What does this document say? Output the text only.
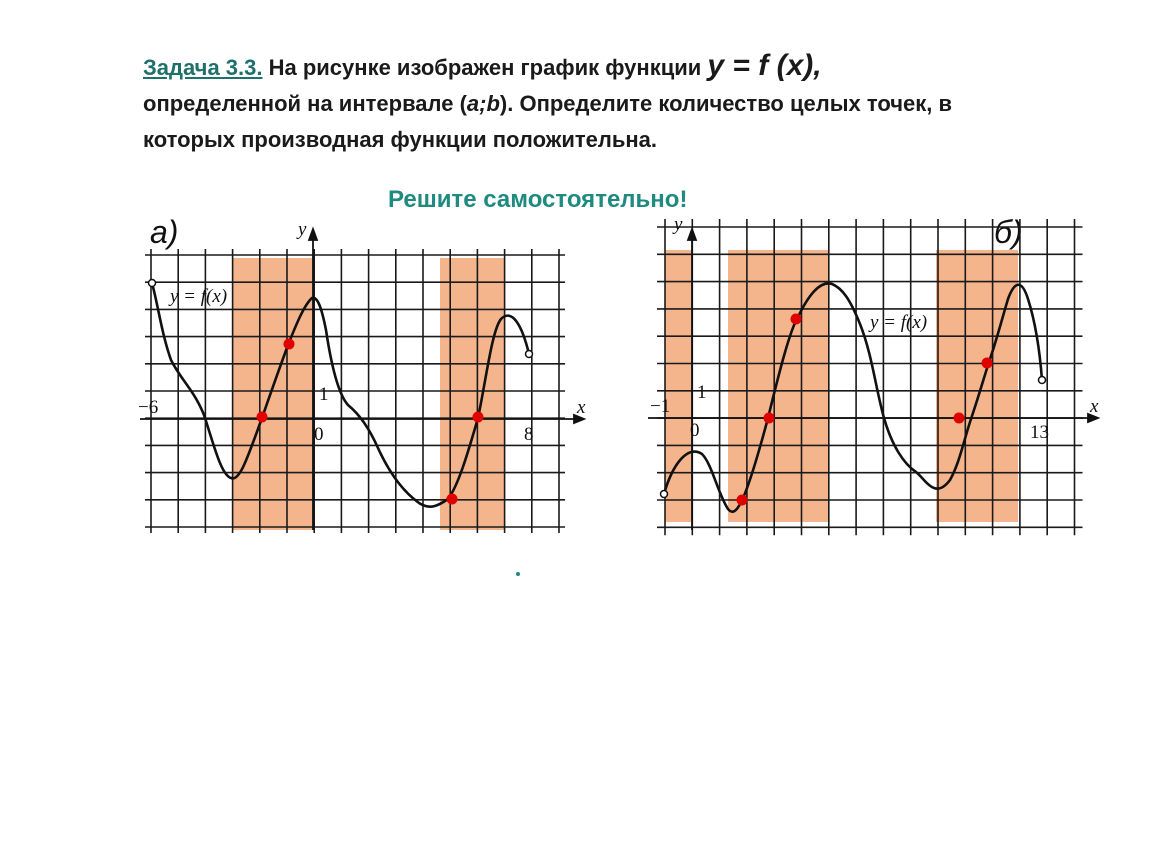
Задача 3.3. На рисунке изображен график функции y = f (x),
определенной на интервале (a;b). Определите количество целых точек, в которых производная функции положительна.
Решите самостоятельно!
а)	б)
y = f(x)
x
y
−6
0
1
8
y = f(x)
x
y
−1
0
1
13
